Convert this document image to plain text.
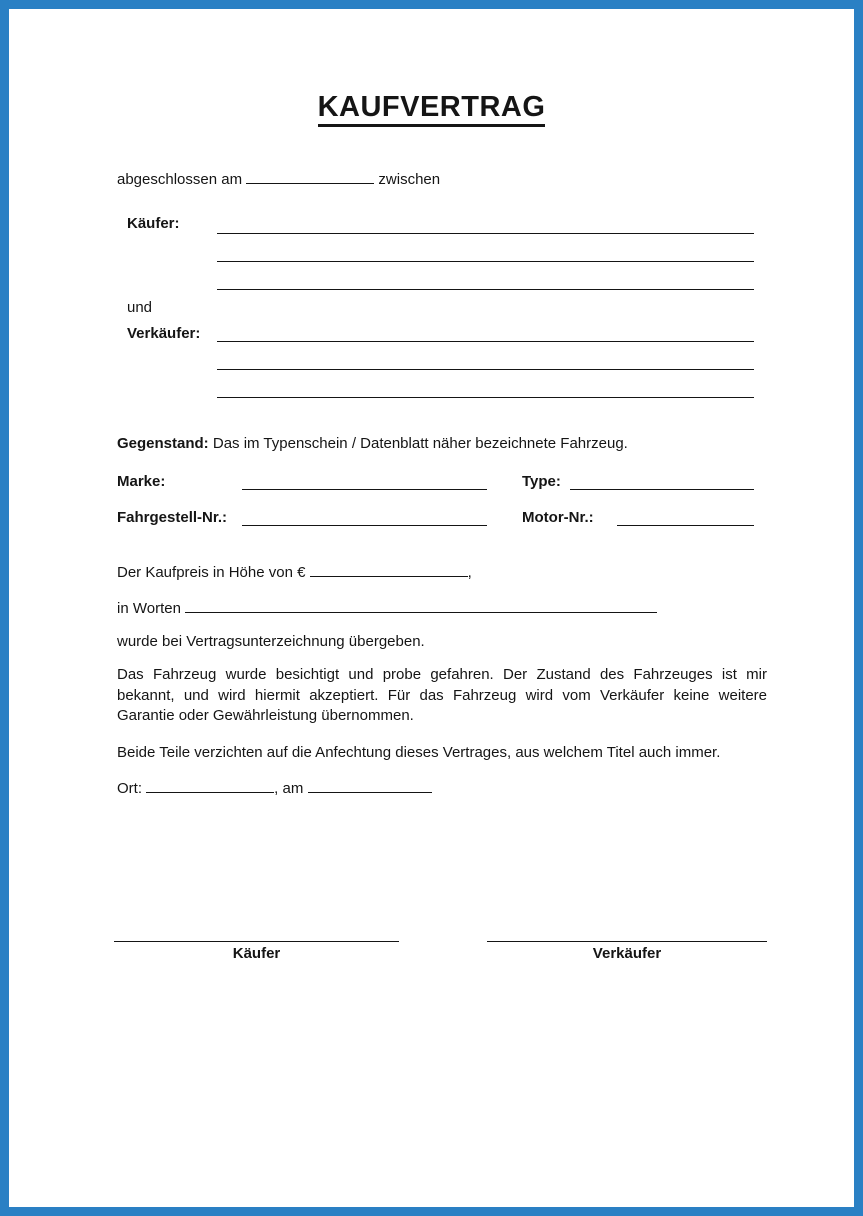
KAUFVERTRAG
abgeschlossen am	zwischen
Käufer:
und
Verkäufer:
Gegenstand: Das im Typenschein / Datenblatt näher bezeichnete Fahrzeug.
Marke:	Type:
Fahrgestell-Nr.:	Motor-Nr.:
Der Kaufpreis in Höhe von €	,
in Worten
wurde bei Vertragsunterzeichnung übergeben.
Das Fahrzeug wurde besichtigt und probe gefahren. Der Zustand des Fahrzeuges ist mir bekannt, und wird hiermit akzeptiert. Für das Fahrzeug wird vom Verkäufer keine weitere Garantie oder Gewährleistung übernommen.
Beide Teile verzichten auf die Anfechtung dieses Vertrages, aus welchem Titel auch immer.
Ort:	, am
Käufer	Verkäufer
